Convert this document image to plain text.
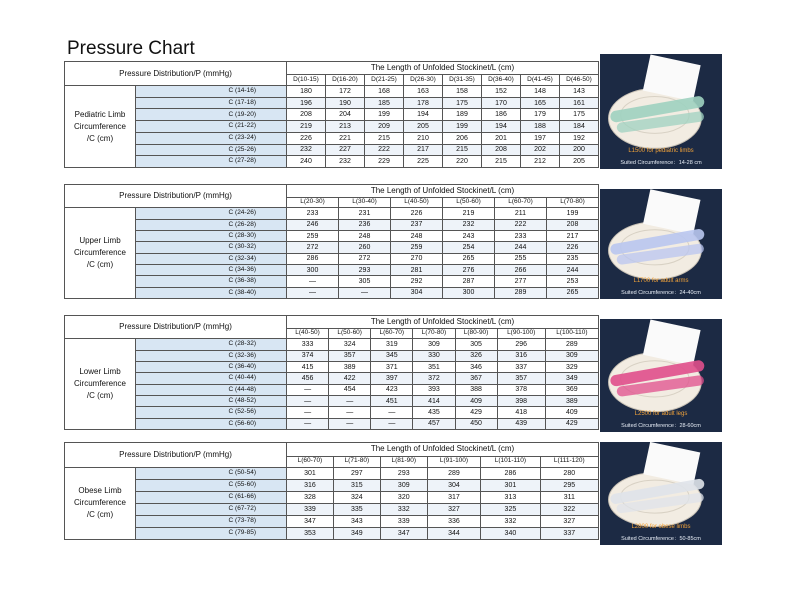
Pressure Chart
Pressure Distribution/P (mmHg)		The Length of Unfolded Stockinet/L (cm)							
		D(10-15)	D(16-20)	D(21-25)	D(26-30)	D(31-35)	D(36-40)	D(41-45)	D(46-50)

Pediatric Limb
Circumference
/C (cm)	C (14-16)	180	172	168	163	158	152	148	143
	C (17-18)	196	190	185	178	175	170	165	161
	C (19-20)	208	204	199	194	189	186	179	175
	C (21-22)	219	213	209	205	199	194	188	184
	C (23-24)	226	221	215	210	206	201	197	192
	C (25-26)	232	227	222	217	215	208	202	200
	C (27-28)	240	232	229	225	220	215	212	205
Pressure Distribution/P (mmHg)		The Length of Unfolded Stockinet/L (cm)					
		L(20-30)	L(30-40)	L(40-50)	L(50-60)	L(60-70)	L(70-80)

Upper Limb
Circumference
/C (cm)	C (24-26)	233	231	226	219	211	199
	C (26-28)	246	236	237	232	222	208
	C (28-30)	259	248	248	243	233	217
	C (30-32)	272	260	259	254	244	226
	C (32-34)	286	272	270	265	255	235
	C (34-36)	300	293	281	276	266	244
	C (36-38)	—	305	292	287	277	253
	C (38-40)	—	—	304	300	289	265
Pressure Distribution/P (mmHg)		The Length of Unfolded Stockinet/L (cm)						
		L(40-50)	L(50-60)	L(60-70)	L(70-80)	L(80-90)	L(90-100)	L(100-110)

Lower Limb
Circumference
/C (cm)	C (28-32)	333	324	319	309	305	296	289
	C (32-36)	374	357	345	330	326	316	309
	C (36-40)	415	389	371	351	346	337	329
	C (40-44)	456	422	397	372	367	357	349
	C (44-48)	—	454	423	393	388	378	369
	C (48-52)	—	—	451	414	409	398	389
	C (52-56)	—	—	—	435	429	418	409
	C (56-60)	—	—	—	457	450	439	429
Pressure Distribution/P (mmHg)		The Length of Unfolded Stockinet/L (cm)					
		L(60-70)	L(71-80)	L(81-90)	L(91-100)	L(101-110)	L(111-120)

Obese Limb
Circumference
/C (cm)	C (50-54)	301	297	293	289	286	280
	C (55-60)	316	315	309	304	301	295
	C (61-66)	328	324	320	317	313	311
	C (67-72)	339	335	332	327	325	322
	C (73-78)	347	343	339	336	332	327
	C (79-85)	353	349	347	344	340	337
L1500 for pediatric limbs
Suited Circumference：14-28 cm
L1700 for adult arms
Suited Circumference：24-40cm
L2500 for adult legs
Suited Circumference：28-60cm
L2800 for obese limbs
Suited Circumference：50-85cm
